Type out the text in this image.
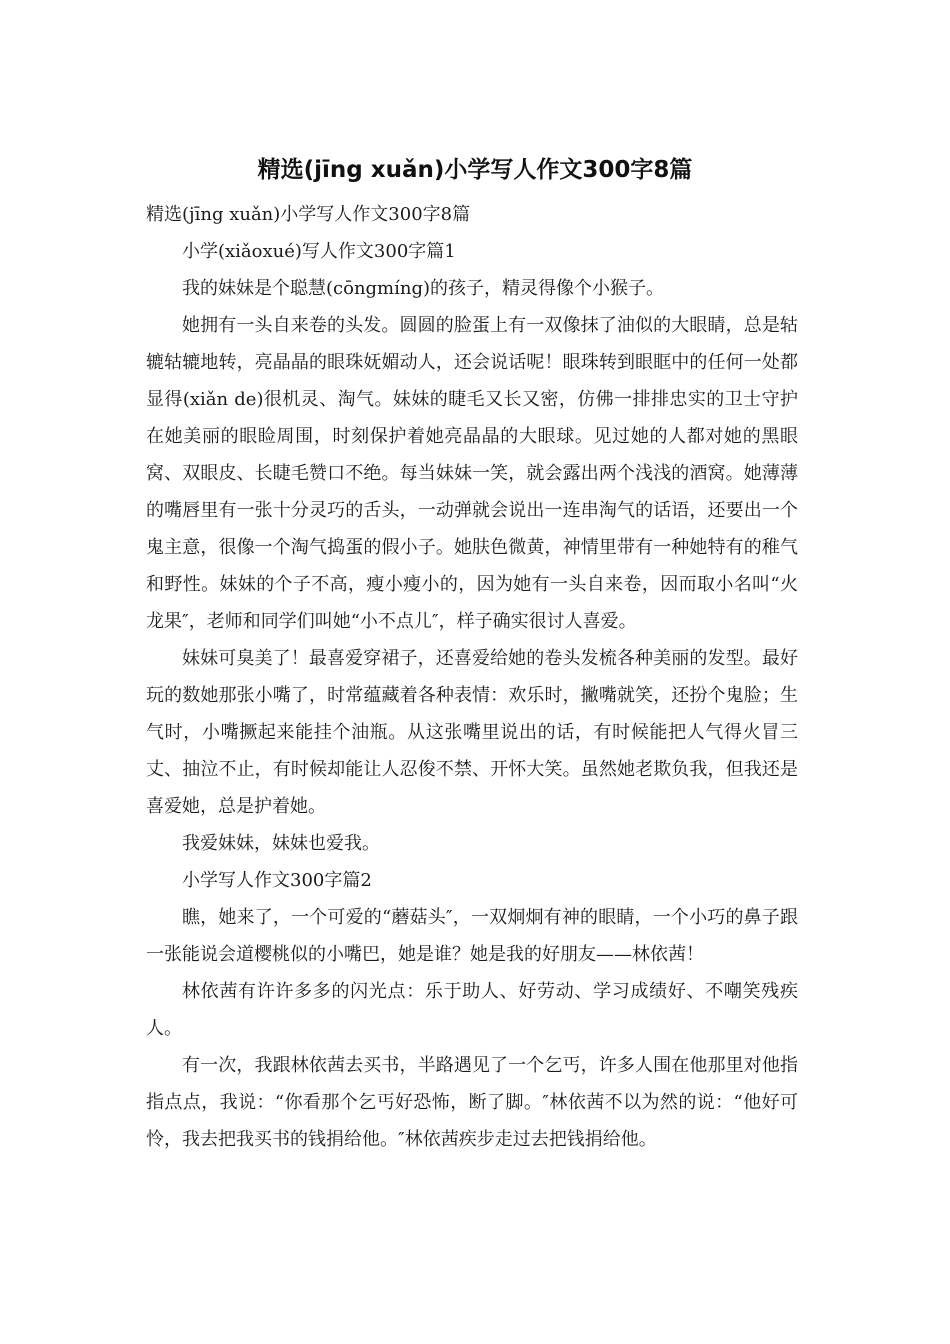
精选(jīng xuǎn)小学写人作文300字8篇

精选(jīng xuǎn)小学写人作文300字8篇

小学(xiǎoxué)写人作文300字篇1

我的妹妹是个聪慧(cōngmíng)的孩子，精灵得像个小猴子。

她拥有一头自来卷的头发。圆圆的脸蛋上有一双像抹了油似的大眼睛，总是轱辘轱辘地转，亮晶晶的眼珠妩媚动人，还会说话呢！眼珠转到眼眶中的任何一处都显得(xiǎn de)很机灵、淘气。妹妹的睫毛又长又密，仿佛一排排忠实的卫士守护在她美丽的眼睑周围，时刻保护着她亮晶晶的大眼球。见过她的人都对她的黑眼窝、双眼皮、长睫毛赞口不绝。每当妹妹一笑，就会露出两个浅浅的酒窝。她薄薄的嘴唇里有一张十分灵巧的舌头，一动弹就会说出一连串淘气的话语，还要出一个鬼主意，很像一个淘气捣蛋的假小子。她肤色微黄，神情里带有一种她特有的稚气和野性。妹妹的个子不高，瘦小瘦小的，因为她有一头自来卷，因而取小名叫“火龙果″，老师和同学们叫她“小不点儿″，样子确实很讨人喜爱。

妹妹可臭美了！最喜爱穿裙子，还喜爱给她的卷头发梳各种美丽的发型。最好玩的数她那张小嘴了，时常蕴藏着各种表情：欢乐时，撇嘴就笑，还扮个鬼脸；生气时，小嘴撅起来能挂个油瓶。从这张嘴里说出的话，有时候能把人气得火冒三丈、抽泣不止，有时候却能让人忍俊不禁、开怀大笑。虽然她老欺负我，但我还是喜爱她，总是护着她。

我爱妹妹，妹妹也爱我。

小学写人作文300字篇2

瞧，她来了，一个可爱的“蘑菇头″，一双炯炯有神的眼睛，一个小巧的鼻子跟一张能说会道樱桃似的小嘴巴，她是谁？她是我的好朋友——林依茜！

林依茜有许许多多的闪光点：乐于助人、好劳动、学习成绩好、不嘲笑残疾人。

有一次，我跟林依茜去买书，半路遇见了一个乞丐，许多人围在他那里对他指指点点，我说：“你看那个乞丐好恐怖，断了脚。″林依茜不以为然的说：“他好可怜，我去把我买书的钱捐给他。″林依茜疾步走过去把钱捐给他。
